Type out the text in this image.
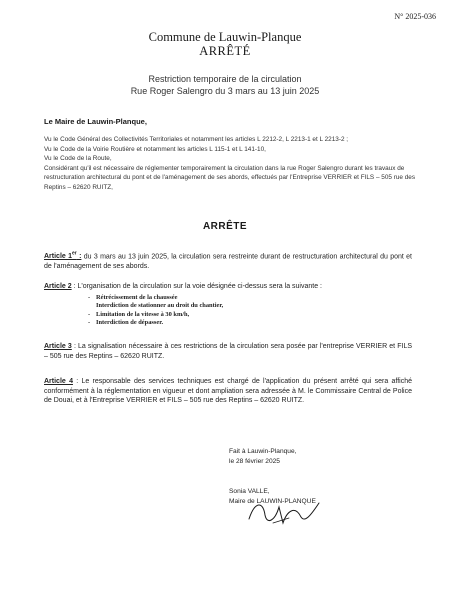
N° 2025-036
Commune de Lauwin-Planque
ARRÊTÉ
Restriction temporaire de la circulation
Rue Roger Salengro du 3 mars au 13 juin 2025
Le Maire de Lauwin-Planque,

Vu le Code Général des Collectivités Territoriales et notamment les articles L 2212-2, L 2213-1 et L 2213-2 ;

Vu le Code de la Voirie Routière et notamment les articles L 115-1 et L 141-10,

Vu le Code de la Route,

Considérant qu'il est nécessaire de réglementer temporairement la circulation dans la rue Roger Salengro durant les travaux de restructuration architectural du pont et de l'aménagement de ses abords, effectués par l'Entreprise VERRIER et FILS – 505 rue des Reptins – 62620 RUITZ,

ARRÊTE

Article 1er : du 3 mars au 13 juin 2025, la circulation sera restreinte durant de restructuration architectural du pont et de l'aménagement de ses abords.

Article 2 : L'organisation de la circulation sur la voie désignée ci-dessus sera la suivante :

- Rétrécissement de la chaussée
Interdiction de stationner au droit du chantier,
- Limitation de la vitesse à 30 km/h,
- Interdiction de dépasser.

Article 3 : La signalisation nécessaire à ces restrictions de la circulation sera posée par l'entreprise VERRIER et FILS – 505 rue des Reptins – 62620 RUITZ.

Article 4 : Le responsable des services techniques est chargé de l'application du présent arrêté qui sera affiché conformément à la réglementation en vigueur et dont ampliation sera adressée à M. le Commissaire Central de Police de Douai, et à l'Entreprise VERRIER et FILS – 505 rue des Reptins – 62620 RUITZ.

Fait à Lauwin-Planque,

le 28 février 2025

Sonia VALLE,

Maire de LAUWIN-PLANQUE
